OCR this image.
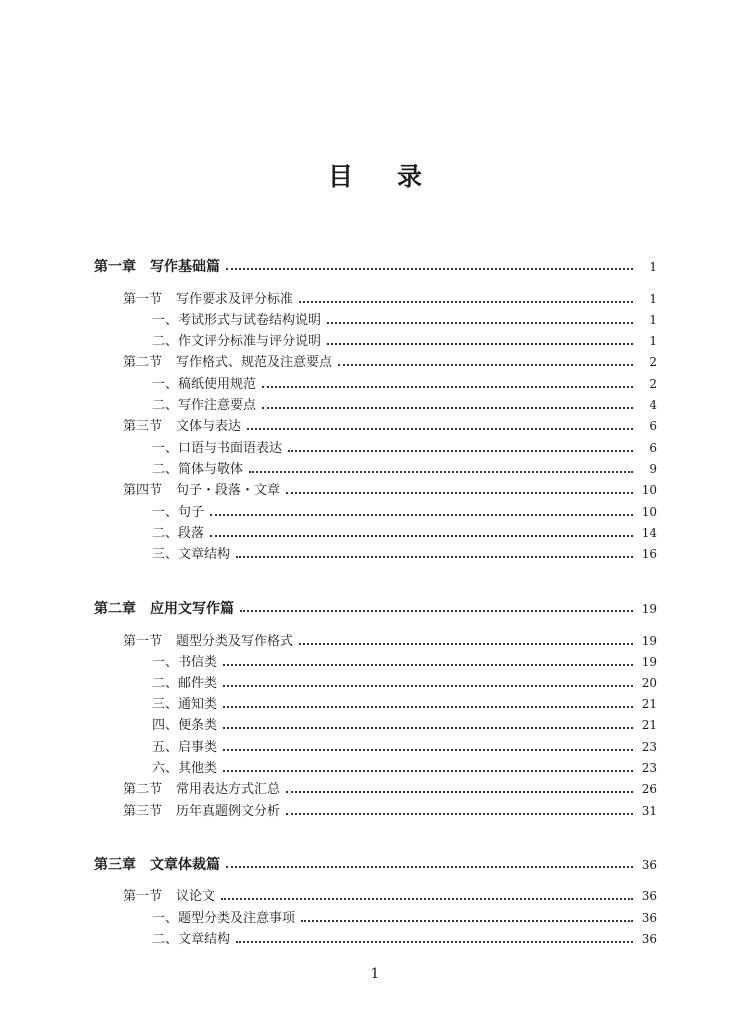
目 录
第一章 写作基础篇	1
第一节 写作要求及评分标准	1
一、考试形式与试卷结构说明	1
二、作文评分标准与评分说明	1
第二节 写作格式、规范及注意要点	2
一、稿纸使用规范	2
二、写作注意要点	4
第三节 文体与表达	6
一、口语与书面语表达	6
二、简体与敬体	9
第四节 句子・段落・文章	10
一、句子	10
二、段落	14
三、文章结构	16
第二章 应用文写作篇	19
第一节 题型分类及写作格式	19
一、书信类	19
二、邮件类	20
三、通知类	21
四、便条类	21
五、启事类	23
六、其他类	23
第二节 常用表达方式汇总	26
第三节 历年真题例文分析	31
第三章 文章体裁篇	36
第一节 议论文	36
一、题型分类及注意事项	36
二、文章结构	36
1
